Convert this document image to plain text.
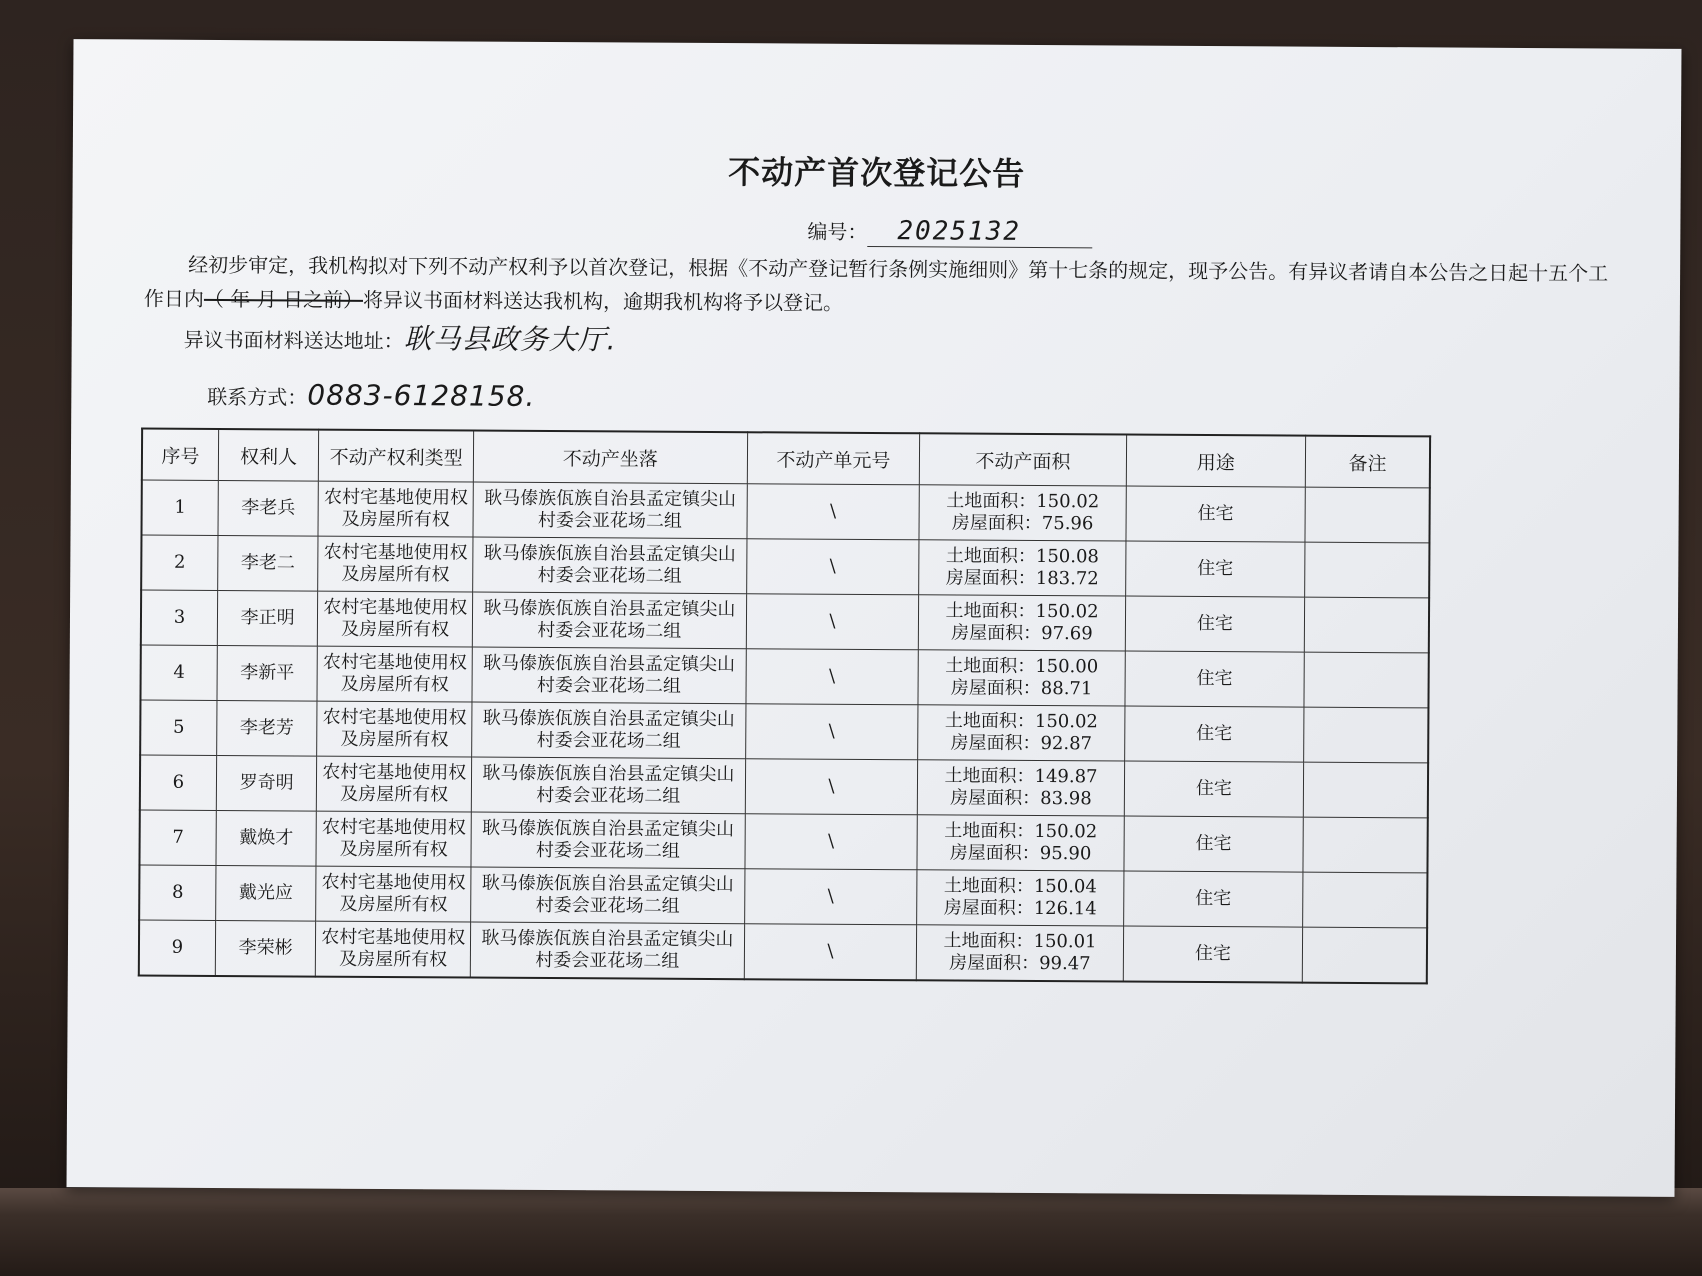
不动产首次登记公告
编号： 2025132
经初步审定，我机构拟对下列不动产权利予以首次登记，根据《不动产登记暂行条例实施细则》第十七条的规定，现予公告。有异议者请自本公告之日起十五个工作日内（ 年 月 日之前）将异议书面材料送达我机构，逾期我机构将予以登记。
异议书面材料送达地址：耿马县政务大厅.
联系方式：0883-6128158.
序号	权利人	不动产权利类型	不动产坐落	不动产单元号	不动产面积	用途	备注
1	李老兵	农村宅基地使用权及房屋所有权	耿马傣族佤族自治县孟定镇尖山村委会亚花场二组	\	土地面积：150.02
房屋面积：75.96	住宅	
2	李老二	农村宅基地使用权及房屋所有权	耿马傣族佤族自治县孟定镇尖山村委会亚花场二组	\	土地面积：150.08
房屋面积：183.72	住宅	
3	李正明	农村宅基地使用权及房屋所有权	耿马傣族佤族自治县孟定镇尖山村委会亚花场二组	\	土地面积：150.02
房屋面积：97.69	住宅	
4	李新平	农村宅基地使用权及房屋所有权	耿马傣族佤族自治县孟定镇尖山村委会亚花场二组	\	土地面积：150.00
房屋面积：88.71	住宅	
5	李老芳	农村宅基地使用权及房屋所有权	耿马傣族佤族自治县孟定镇尖山村委会亚花场二组	\	土地面积：150.02
房屋面积：92.87	住宅	
6	罗奇明	农村宅基地使用权及房屋所有权	耿马傣族佤族自治县孟定镇尖山村委会亚花场二组	\	土地面积：149.87
房屋面积：83.98	住宅	
7	戴焕才	农村宅基地使用权及房屋所有权	耿马傣族佤族自治县孟定镇尖山村委会亚花场二组	\	土地面积：150.02
房屋面积：95.90	住宅	
8	戴光应	农村宅基地使用权及房屋所有权	耿马傣族佤族自治县孟定镇尖山村委会亚花场二组	\	土地面积：150.04
房屋面积：126.14	住宅	
9	李荣彬	农村宅基地使用权及房屋所有权	耿马傣族佤族自治县孟定镇尖山村委会亚花场二组	\	土地面积：150.01
房屋面积：99.47	住宅	
